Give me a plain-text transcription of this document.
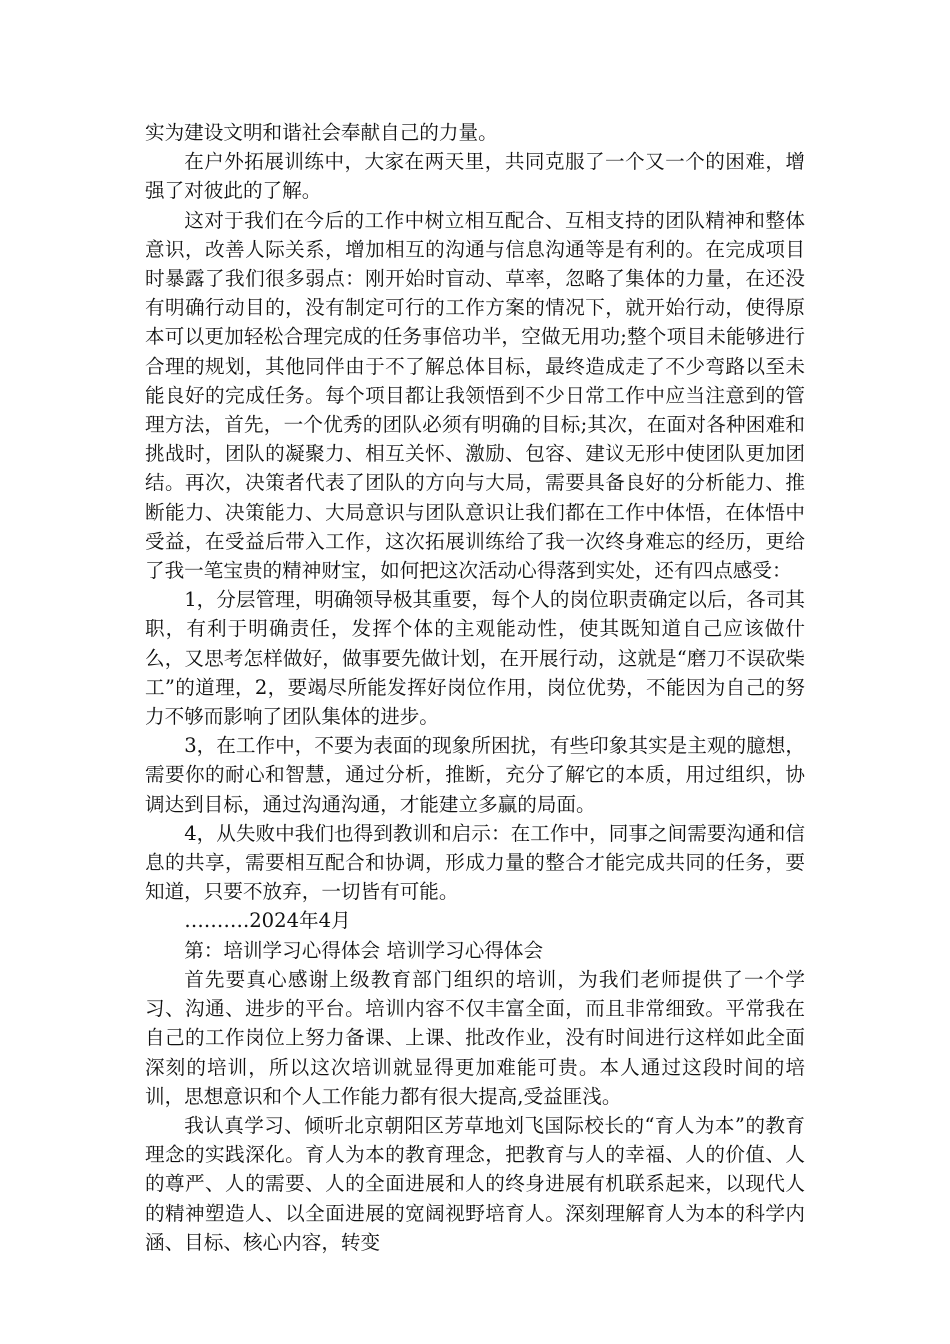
实为建设文明和谐社会奉献自己的力量。

在户外拓展训练中，大家在两天里，共同克服了一个又一个的困难，增强了对彼此的了解。

这对于我们在今后的工作中树立相互配合、互相支持的团队精神和整体意识，改善人际关系，增加相互的沟通与信息沟通等是有利的。在完成项目时暴露了我们很多弱点：刚开始时盲动、草率，忽略了集体的力量，在还没有明确行动目的，没有制定可行的工作方案的情况下，就开始行动，使得原本可以更加轻松合理完成的任务事倍功半，空做无用功;整个项目未能够进行合理的规划，其他同伴由于不了解总体目标，最终造成走了不少弯路以至未能良好的完成任务。每个项目都让我领悟到不少日常工作中应当注意到的管理方法，首先，一个优秀的团队必须有明确的目标;其次，在面对各种困难和挑战时，团队的凝聚力、相互关怀、激励、包容、建议无形中使团队更加团结。再次，决策者代表了团队的方向与大局，需要具备良好的分析能力、推断能力、决策能力、大局意识与团队意识让我们都在工作中体悟，在体悟中受益，在受益后带入工作，这次拓展训练给了我一次终身难忘的经历，更给了我一笔宝贵的精神财宝，如何把这次活动心得落到实处，还有四点感受：

1，分层管理，明确领导极其重要，每个人的岗位职责确定以后，各司其职，有利于明确责任，发挥个体的主观能动性，使其既知道自己应该做什么，又思考怎样做好，做事要先做计划，在开展行动，这就是“磨刀不误砍柴工”的道理，2，要竭尽所能发挥好岗位作用，岗位优势，不能因为自己的努力不够而影响了团队集体的进步。

3，在工作中，不要为表面的现象所困扰，有些印象其实是主观的臆想，需要你的耐心和智慧，通过分析，推断，充分了解它的本质，用过组织，协调达到目标，通过沟通沟通，才能建立多赢的局面。

4，从失败中我们也得到教训和启示：在工作中，同事之间需要沟通和信息的共享，需要相互配合和协调，形成力量的整合才能完成共同的任务，要知道，只要不放弃，一切皆有可能。

……….2024年4月

第：培训学习心得体会 培训学习心得体会

首先要真心感谢上级教育部门组织的培训，为我们老师提供了一个学习、沟通、进步的平台。培训内容不仅丰富全面，而且非常细致。平常我在自己的工作岗位上努力备课、上课、批改作业，没有时间进行这样如此全面深刻的培训，所以这次培训就显得更加难能可贵。本人通过这段时间的培训，思想意识和个人工作能力都有很大提高,受益匪浅。

我认真学习、倾听北京朝阳区芳草地刘飞国际校长的“育人为本”的教育理念的实践深化。育人为本的教育理念，把教育与人的幸福、人的价值、人的尊严、人的需要、人的全面进展和人的终身进展有机联系起来，以现代人的精神塑造人、以全面进展的宽阔视野培育人。深刻理解育人为本的科学内涵、目标、核心内容，转变
